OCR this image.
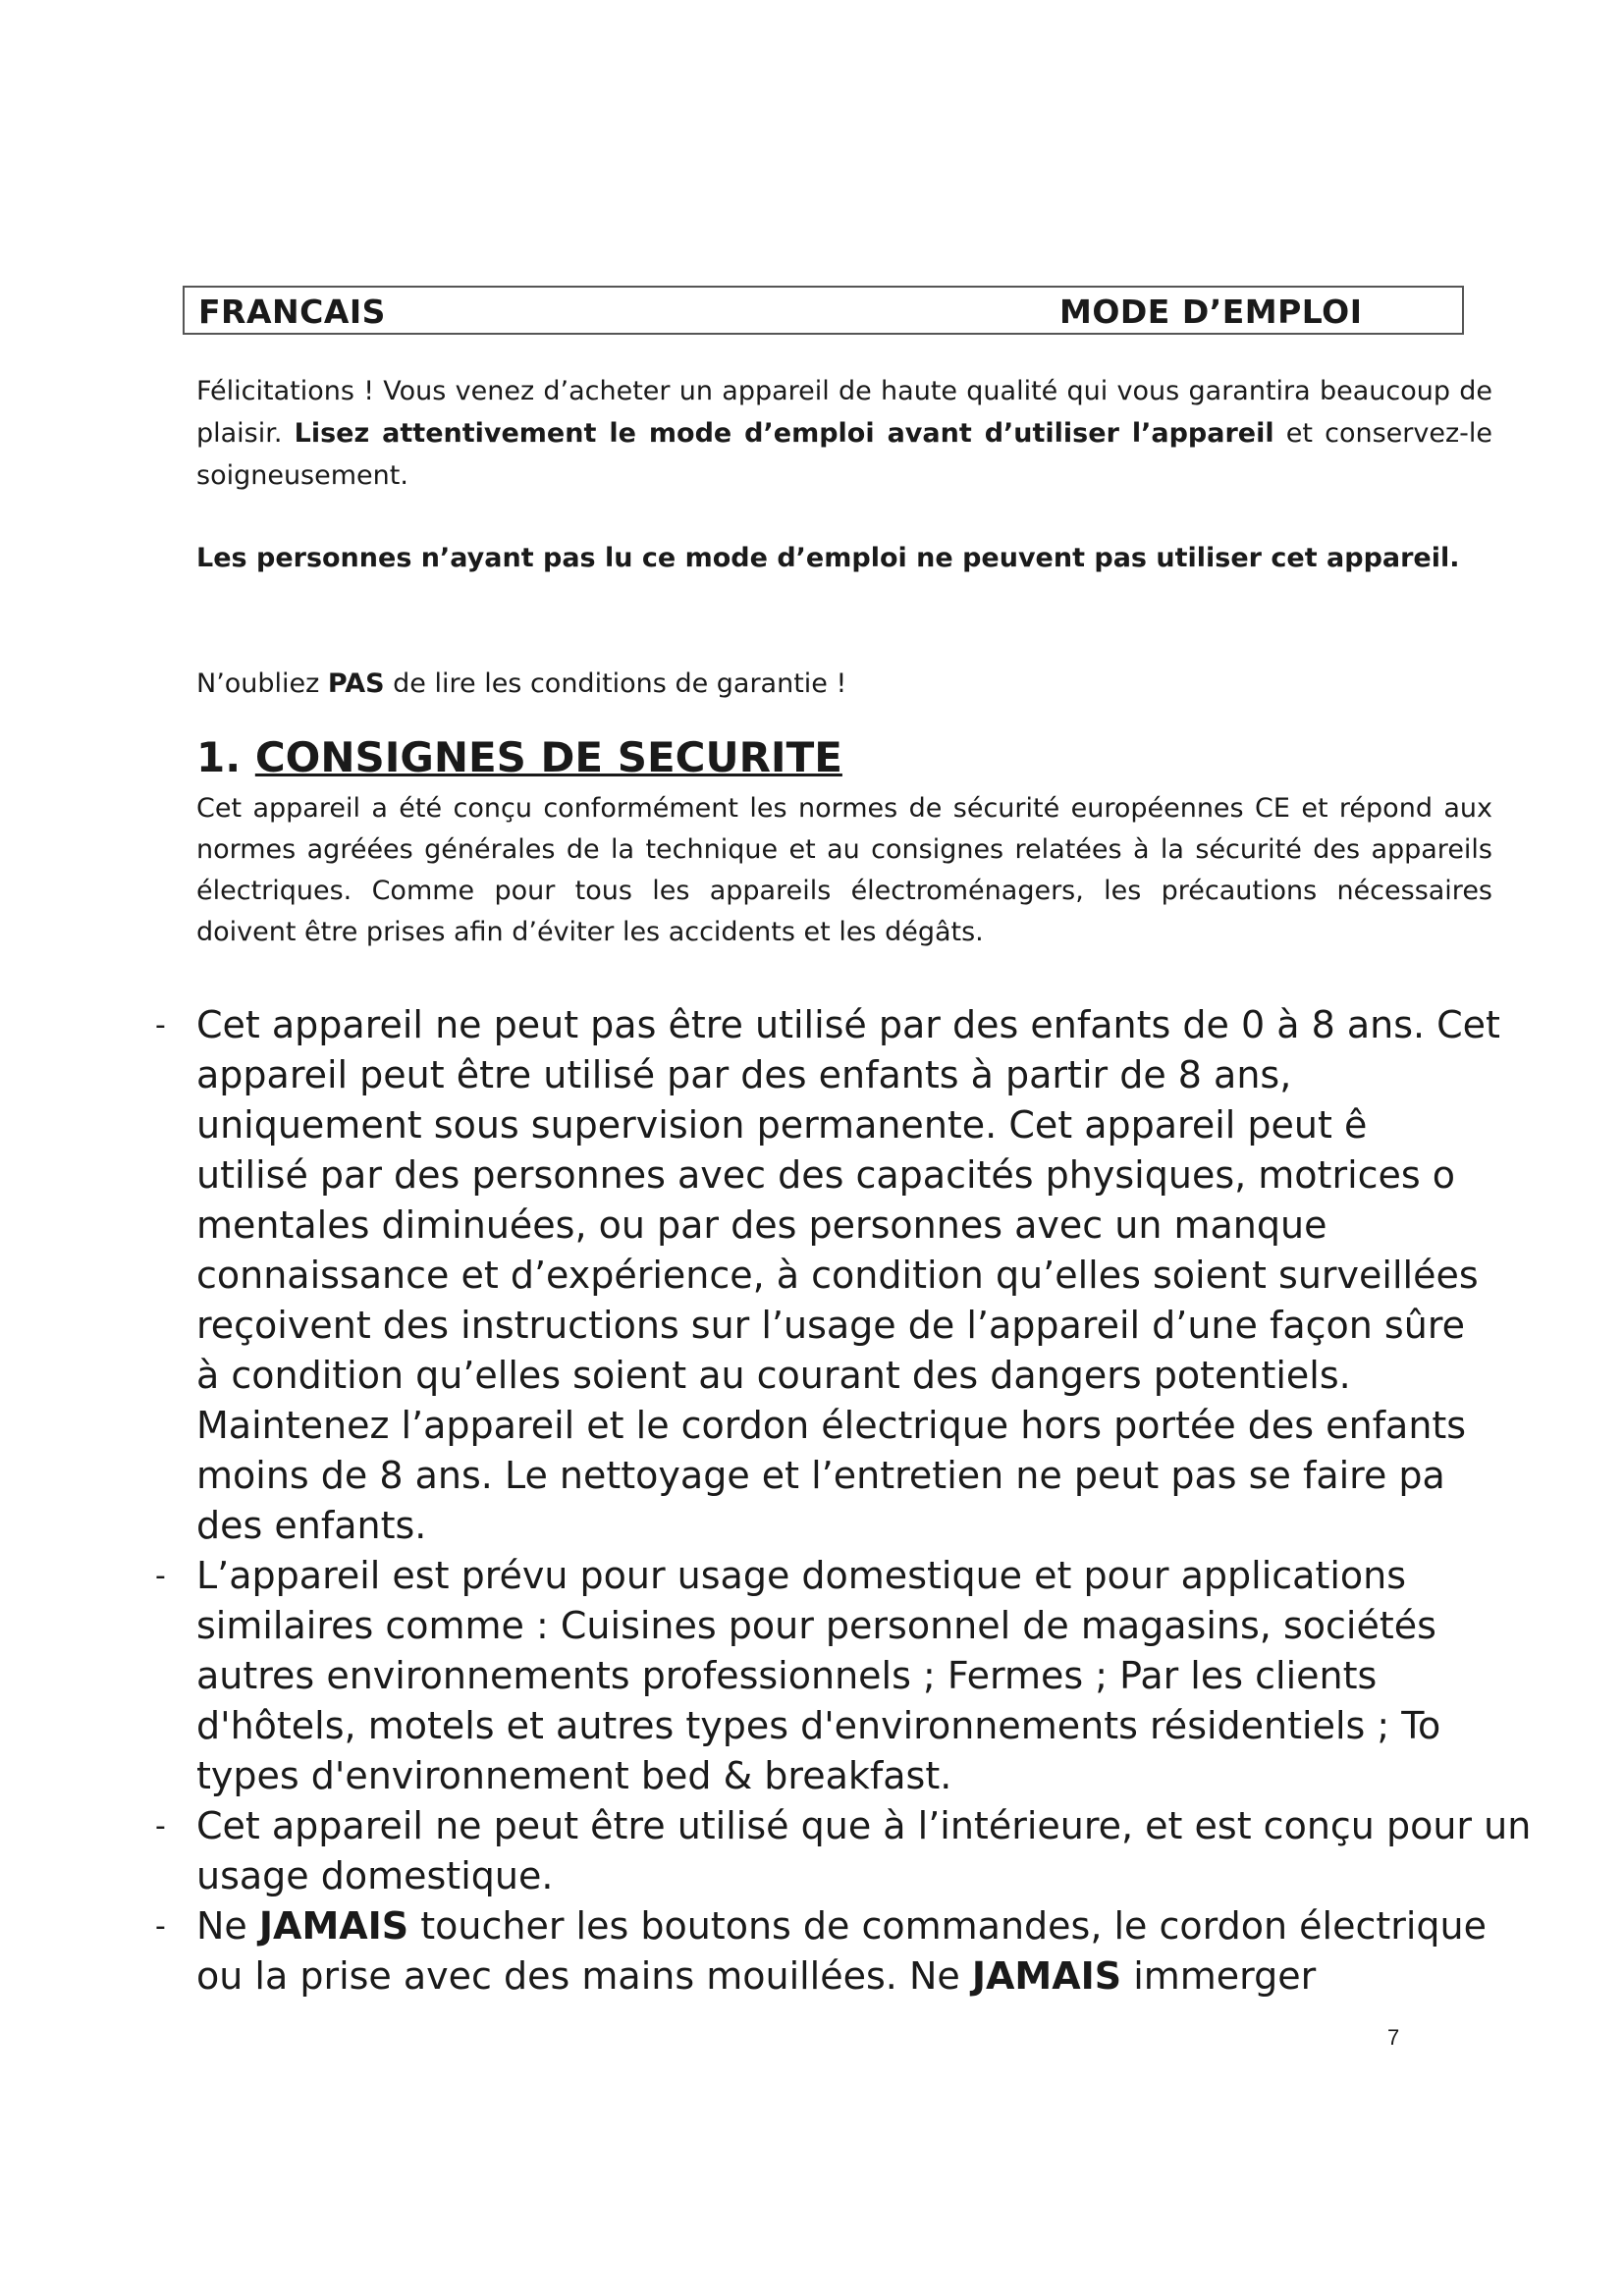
FRANCAIS	MODE D’EMPLOI

Félicitations ! Vous venez d’acheter un appareil de haute qualité qui vous garantira beaucoup de plaisir. Lisez attentivement le mode d’emploi avant d’utiliser l’appareil et conservez-le soigneusement.

Les personnes n’ayant pas lu ce mode d’emploi ne peuvent pas utiliser cet appareil.

N’oubliez PAS de lire les conditions de garantie !

1. CONSIGNES DE SECURITE

Cet appareil a été conçu conformément les normes de sécurité européennes CE et répond aux normes agréées générales de la technique et au consignes relatées à la sécurité des appareils électriques. Comme pour tous les appareils électroménagers, les précautions nécessaires doivent être prises afin d’éviter les accidents et les dégâts.

- Cet appareil ne peut pas être utilisé par des enfants de 0 à 8 ans. Cet
appareil peut être utilisé par des enfants à partir de 8 ans,
uniquement sous supervision permanente. Cet appareil peut ê
utilisé par des personnes avec des capacités physiques, motrices o
mentales diminuées, ou par des personnes avec un manque
connaissance et d’expérience, à condition qu’elles soient surveillées
reçoivent des instructions sur l’usage de l’appareil d’une façon sûre
à condition qu’elles soient au courant des dangers potentiels.
Maintenez l’appareil et le cordon électrique hors portée des enfants
moins de 8 ans. Le nettoyage et l’entretien ne peut pas se faire pa
des enfants.
- L’appareil est prévu pour usage domestique et pour applications
similaires comme : Cuisines pour personnel de magasins, sociétés
autres environnements professionnels ; Fermes ; Par les clients
d'hôtels, motels et autres types d'environnements résidentiels ; To
types d'environnement bed & breakfast.
- Cet appareil ne peut être utilisé que à l’intérieure, et est conçu pour un
usage domestique.
- Ne JAMAIS toucher les boutons de commandes, le cordon électrique
ou la prise avec des mains mouillées. Ne JAMAIS immerger
7
